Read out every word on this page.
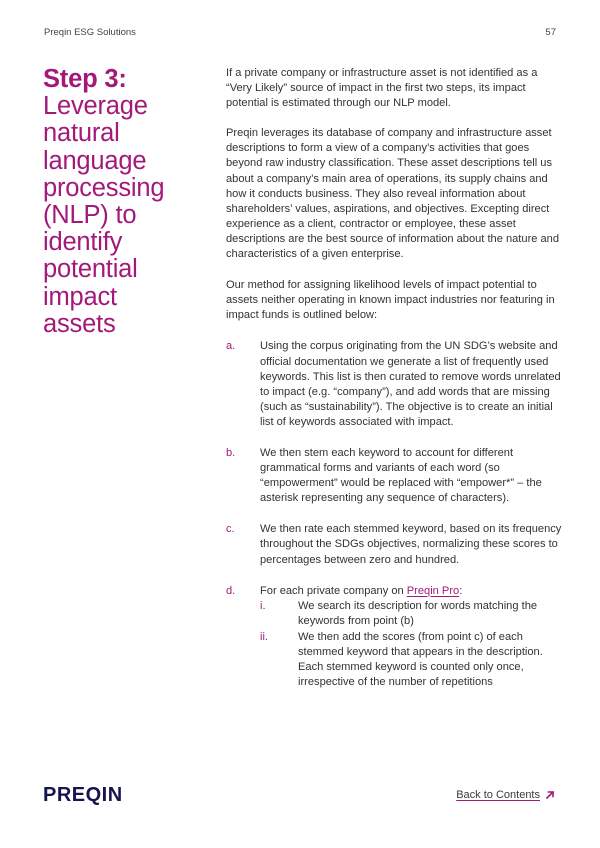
Preqin ESG Solutions	57
Step 3:
Leverage
natural
language
processing
(NLP) to
identify
potential
impact
assets

If a private company or infrastructure asset is not identified as a “Very Likely” source of impact in the first two steps, its impact potential is estimated through our NLP model.

Preqin leverages its database of company and infrastructure asset descriptions to form a view of a company’s activities that goes beyond raw industry classification. These asset descriptions tell us about a company’s main area of operations, its supply chains and how it conducts business. They also reveal information about shareholders’ values, aspirations, and objectives. Excepting direct experience as a client, contractor or employee, these asset descriptions are the best source of information about the nature and characteristics of a given enterprise.

Our method for assigning likelihood levels of impact potential to assets neither operating in known impact industries nor featuring in impact funds is outlined below:

a. Using the corpus originating from the UN SDG’s website and official documentation we generate a list of frequently used keywords. This list is then curated to remove words unrelated to impact (e.g. “company”), and add words that are missing (such as “sustainability”). The objective is to create an initial list of keywords associated with impact.
b. We then stem each keyword to account for different grammatical forms and variants of each word (so “empowerment” would be replaced with “empower*” – the asterisk representing any sequence of characters).
c. We then rate each stemmed keyword, based on its frequency throughout the SDGs objectives, normalizing these scores to percentages between zero and hundred.
d. For each private company on Preqin Pro:
i.	We search its description for words matching the keywords from point (b)
ii.	We then add the scores (from point c) of each stemmed keyword that appears in the description. Each stemmed keyword is counted only once, irrespective of the number of repetitions
PREQIN	Back to Contents
